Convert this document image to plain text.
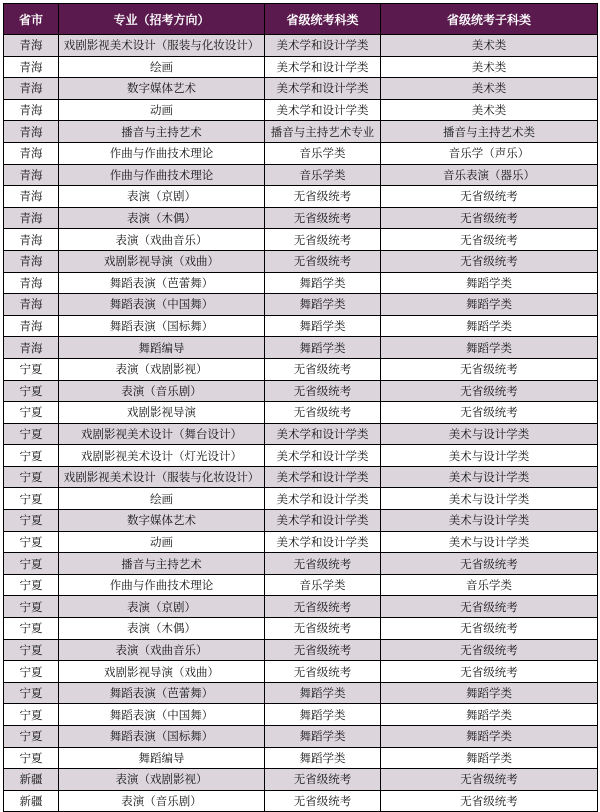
省市	专业（招考方向）	省级统考科类	省级统考子科类
青海	戏剧影视美术设计（服装与化妆设计）	美术学和设计学类	美术类
青海	绘画	美术学和设计学类	美术类
青海	数字媒体艺术	美术学和设计学类	美术类
青海	动画	美术学和设计学类	美术类
青海	播音与主持艺术	播音与主持艺术专业	播音与主持艺术类
青海	作曲与作曲技术理论	音乐学类	音乐学（声乐）
青海	作曲与作曲技术理论	音乐学类	音乐表演（器乐）
青海	表演（京剧）	无省级统考	无省级统考
青海	表演（木偶）	无省级统考	无省级统考
青海	表演（戏曲音乐）	无省级统考	无省级统考
青海	戏剧影视导演（戏曲）	无省级统考	无省级统考
青海	舞蹈表演（芭蕾舞）	舞蹈学类	舞蹈学类
青海	舞蹈表演（中国舞）	舞蹈学类	舞蹈学类
青海	舞蹈表演（国标舞）	舞蹈学类	舞蹈学类
青海	舞蹈编导	舞蹈学类	舞蹈学类
宁夏	表演（戏剧影视）	无省级统考	无省级统考
宁夏	表演（音乐剧）	无省级统考	无省级统考
宁夏	戏剧影视导演	无省级统考	无省级统考
宁夏	戏剧影视美术设计（舞台设计）	美术学和设计学类	美术与设计学类
宁夏	戏剧影视美术设计（灯光设计）	美术学和设计学类	美术与设计学类
宁夏	戏剧影视美术设计（服装与化妆设计）	美术学和设计学类	美术与设计学类
宁夏	绘画	美术学和设计学类	美术与设计学类
宁夏	数字媒体艺术	美术学和设计学类	美术与设计学类
宁夏	动画	美术学和设计学类	美术与设计学类
宁夏	播音与主持艺术	无省级统考	无省级统考
宁夏	作曲与作曲技术理论	音乐学类	音乐学类
宁夏	表演（京剧）	无省级统考	无省级统考
宁夏	表演（木偶）	无省级统考	无省级统考
宁夏	表演（戏曲音乐）	无省级统考	无省级统考
宁夏	戏剧影视导演（戏曲）	无省级统考	无省级统考
宁夏	舞蹈表演（芭蕾舞）	舞蹈学类	舞蹈学类
宁夏	舞蹈表演（中国舞）	舞蹈学类	舞蹈学类
宁夏	舞蹈表演（国标舞）	舞蹈学类	舞蹈学类
宁夏	舞蹈编导	舞蹈学类	舞蹈学类
新疆	表演（戏剧影视）	无省级统考	无省级统考
新疆	表演（音乐剧）	无省级统考	无省级统考
